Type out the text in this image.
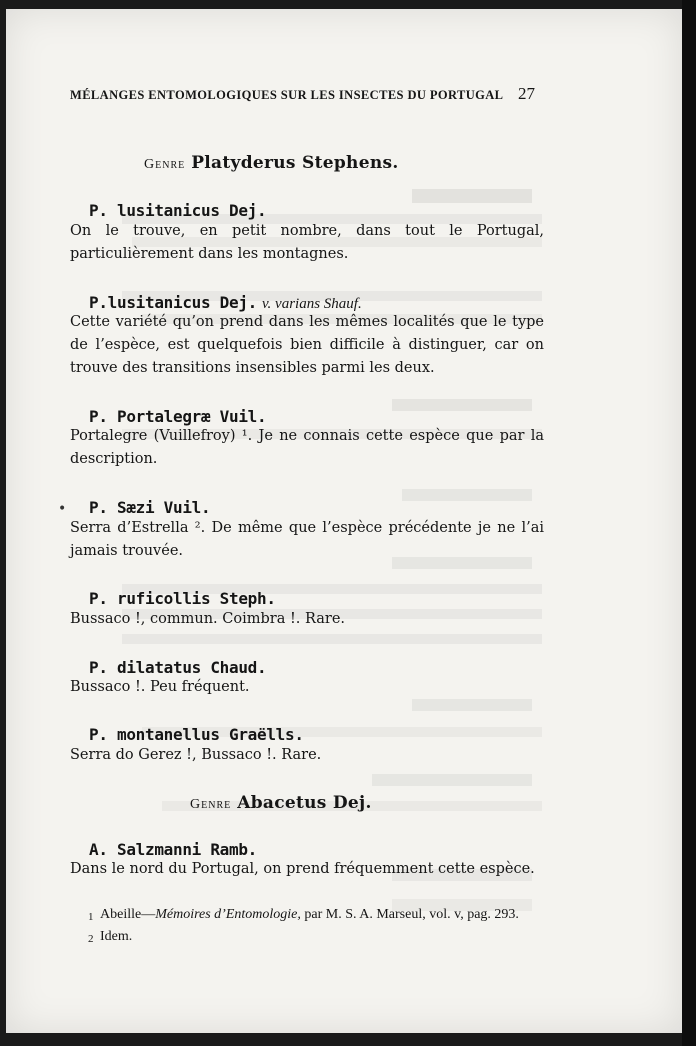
MÉLANGES ENTOMOLOGIQUES SUR LES INSECTES DU PORTUGAL 27
Genre Platyderus Stephens.
P. lusitanicus Dej.
On le trouve, en petit nombre, dans tout le Portugal, particulièrement dans les montagnes.
P.lusitanicus Dej. v. varians Shauf.
Cette variété qu’on prend dans les mêmes localités que le type de l’espèce, est quelquefois bien difficile à distinguer, car on trouve des transitions insensibles parmi les deux.
P. Portalegræ Vuil.
Portalegre (Vuillefroy) ¹. Je ne connais cette espèce que par la description.
• P. Sæzi Vuil.
Serra d’Estrella ². De même que l’espèce précédente je ne l’ai jamais trouvée.
P. ruficollis Steph.
Bussaco !, commun. Coimbra !. Rare.
P. dilatatus Chaud.
Bussaco !. Peu fréquent.
P. montanellus Graëlls.
Serra do Gerez !, Bussaco !. Rare.
Genre Abacetus Dej.
A. Salzmanni Ramb.
Dans le nord du Portugal, on prend fréquemment cette espèce.
1 Abeille—Mémoires d’Entomologie, par M. S. A. Marseul, vol. v, pag. 293.
2 Idem.
